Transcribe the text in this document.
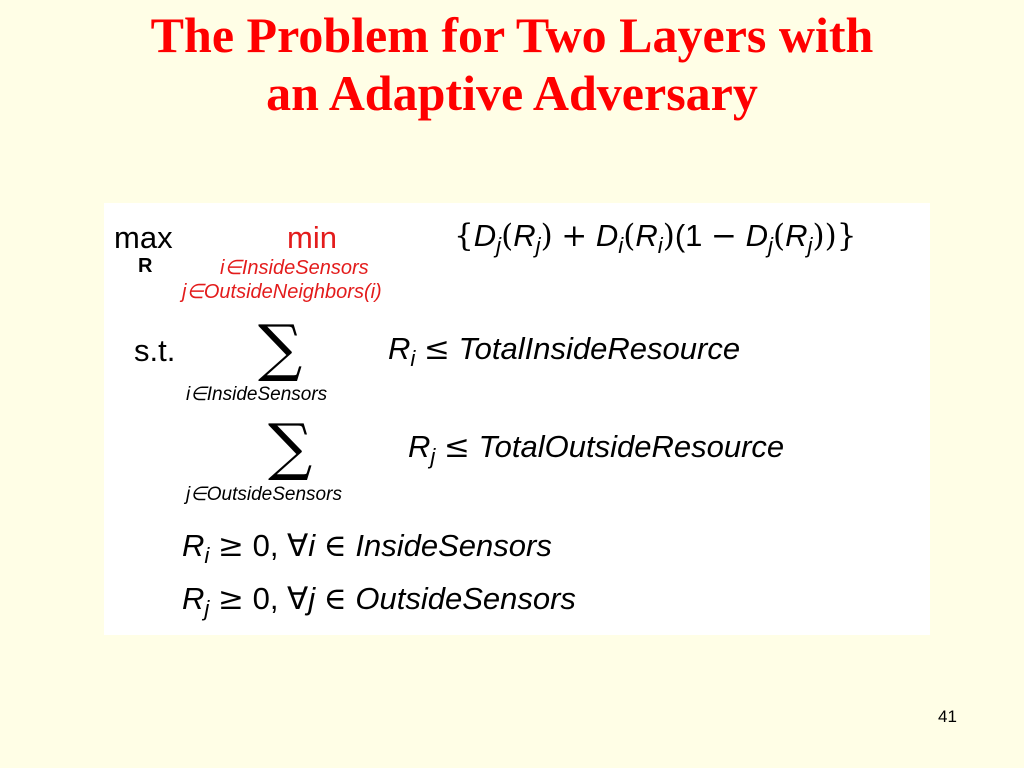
The Problem for Two Layers with
an Adaptive Adversary
max
R
min
i∈InsideSensors
j∈OutsideNeighbors(i)
$\{D_j(R_j) + D_i(R_i)(1 - D_j(R_j))\}$
s.t. ∑	$R_i$ ≤ TotalInsideResource
i∈InsideSensors
∑	$R_j$ ≤ TotalOutsideResource
j∈OutsideSensors
$R_i \ge 0$, ∀i ∈ InsideSensors
$R_j \ge 0$, ∀j ∈ OutsideSensors
41
